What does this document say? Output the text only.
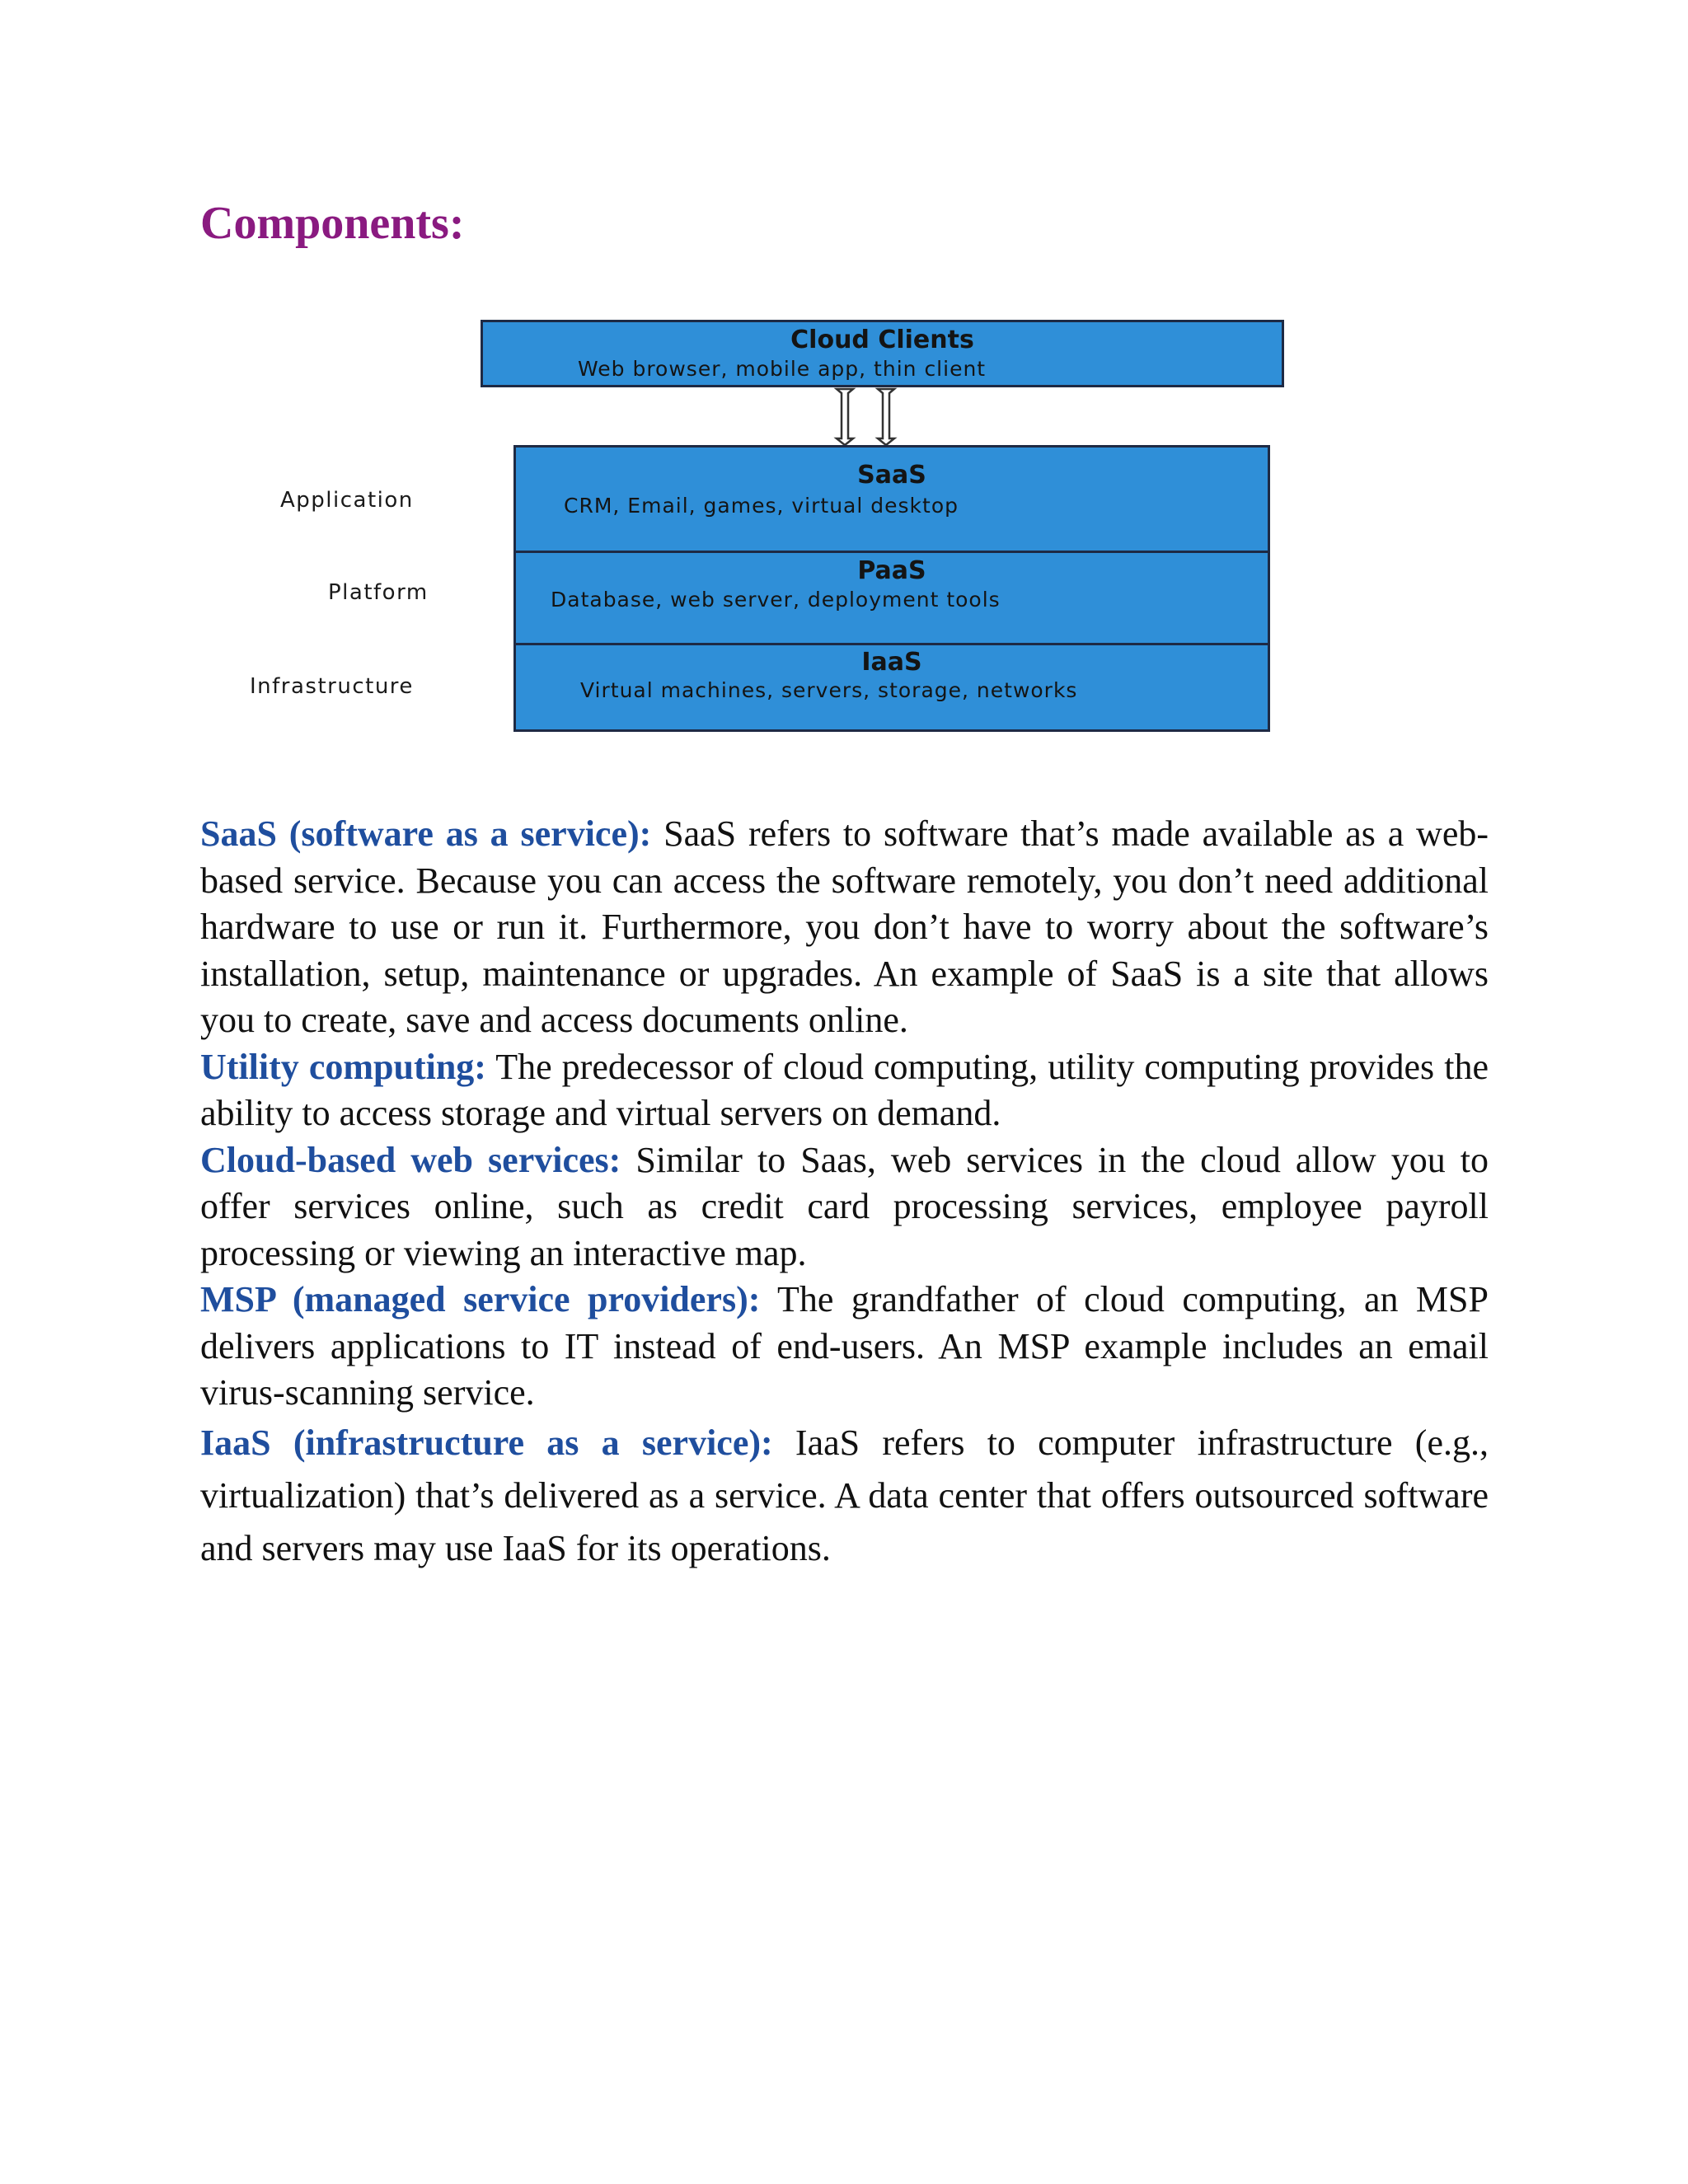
Components:
Cloud Clients
Web browser, mobile app, thin client
Application
Platform
Infrastructure
SaaS
CRM, Email, games, virtual desktop
PaaS
Database, web server, deployment tools
IaaS
Virtual machines, servers, storage, networks

SaaS (software as a service): SaaS refers to software that’s made available as a web-based service. Because you can access the software remotely, you don’t need additional hardware to use or run it. Furthermore, you don’t have to worry about the software’s installation, setup, maintenance or upgrades. An example of SaaS is a site that allows you to create, save and access documents online.

Utility computing: The predecessor of cloud computing, utility computing provides the ability to access storage and virtual servers on demand.

Cloud-based web services: Similar to Saas, web services in the cloud allow you to offer services online, such as credit card processing services, employee payroll processing or viewing an interactive map.

MSP (managed service providers): The grandfather of cloud computing, an MSP delivers applications to IT instead of end-users. An MSP example includes an email virus-scanning service.

IaaS (infrastructure as a service): IaaS refers to computer infrastructure (e.g., virtualization) that’s delivered as a service. A data center that offers outsourced software and servers may use IaaS for its operations.
